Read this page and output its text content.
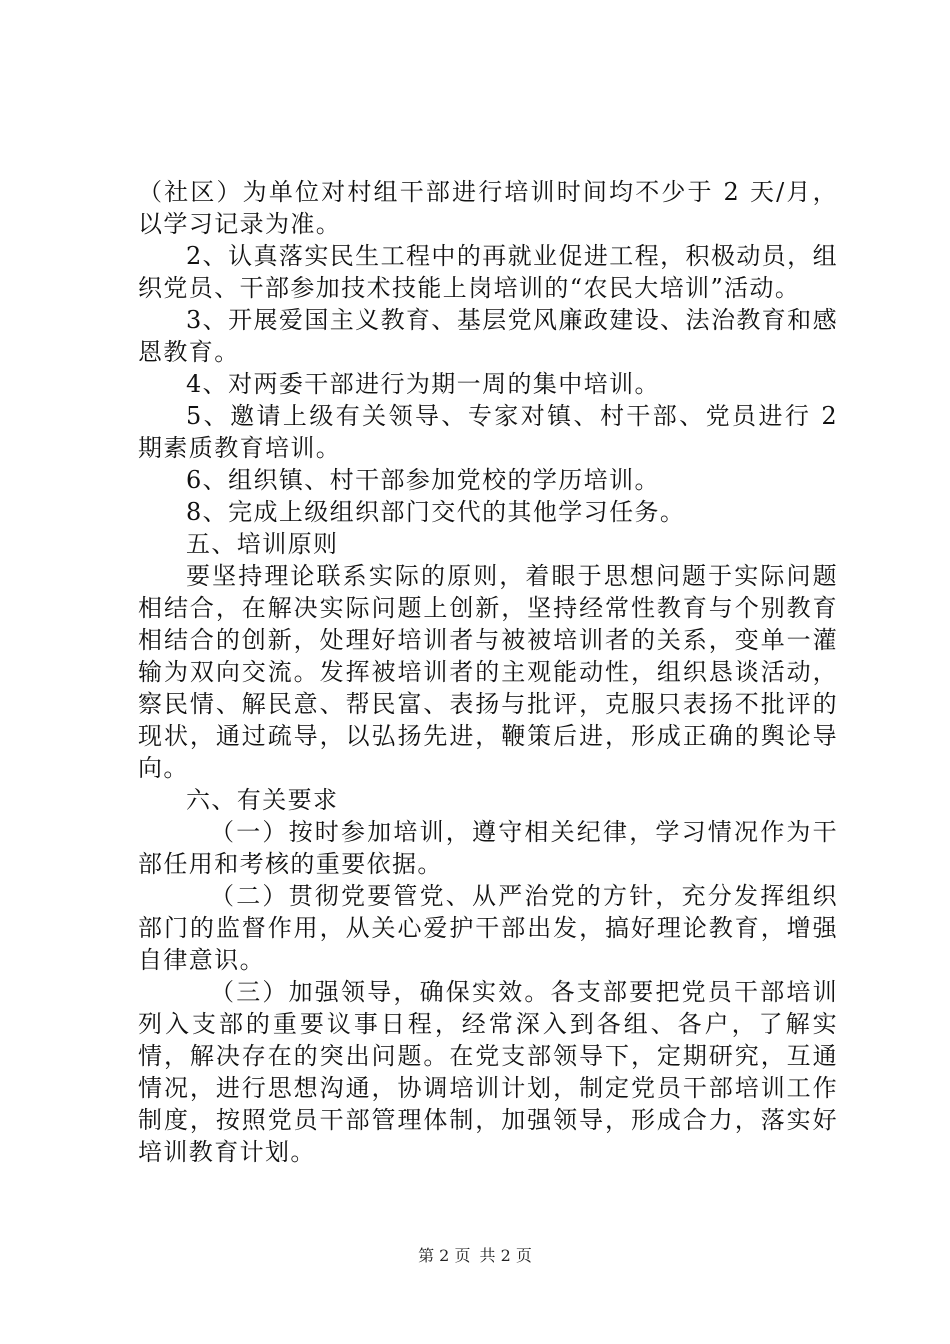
（社区）为单位对村组干部进行培训时间均不少于 2 天/月，以学习记录为准。

2、认真落实民生工程中的再就业促进工程，积极动员，组织党员、干部参加技术技能上岗培训的“农民大培训”活动。

3、开展爱国主义教育、基层党风廉政建设、法治教育和感恩教育。

4、对两委干部进行为期一周的集中培训。

5、邀请上级有关领导、专家对镇、村干部、党员进行 2 期素质教育培训。

6、组织镇、村干部参加党校的学历培训。

8、完成上级组织部门交代的其他学习任务。

五、培训原则

要坚持理论联系实际的原则，着眼于思想问题于实际问题相结合，在解决实际问题上创新，坚持经常性教育与个别教育相结合的创新，处理好培训者与被被培训者的关系，变单一灌输为双向交流。发挥被培训者的主观能动性，组织恳谈活动，察民情、解民意、帮民富、表扬与批评，克服只表扬不批评的现状，通过疏导，以弘扬先进，鞭策后进，形成正确的舆论导向。

六、有关要求

（一）按时参加培训，遵守相关纪律，学习情况作为干部任用和考核的重要依据。

（二）贯彻党要管党、从严治党的方针，充分发挥组织部门的监督作用，从关心爱护干部出发，搞好理论教育，增强自律意识。

（三）加强领导，确保实效。各支部要把党员干部培训列入支部的重要议事日程，经常深入到各组、各户，了解实情，解决存在的突出问题。在党支部领导下，定期研究，互通情况，进行思想沟通，协调培训计划，制定党员干部培训工作制度，按照党员干部管理体制，加强领导，形成合力，落实好培训教育计划。

第 2 页 共 2 页
